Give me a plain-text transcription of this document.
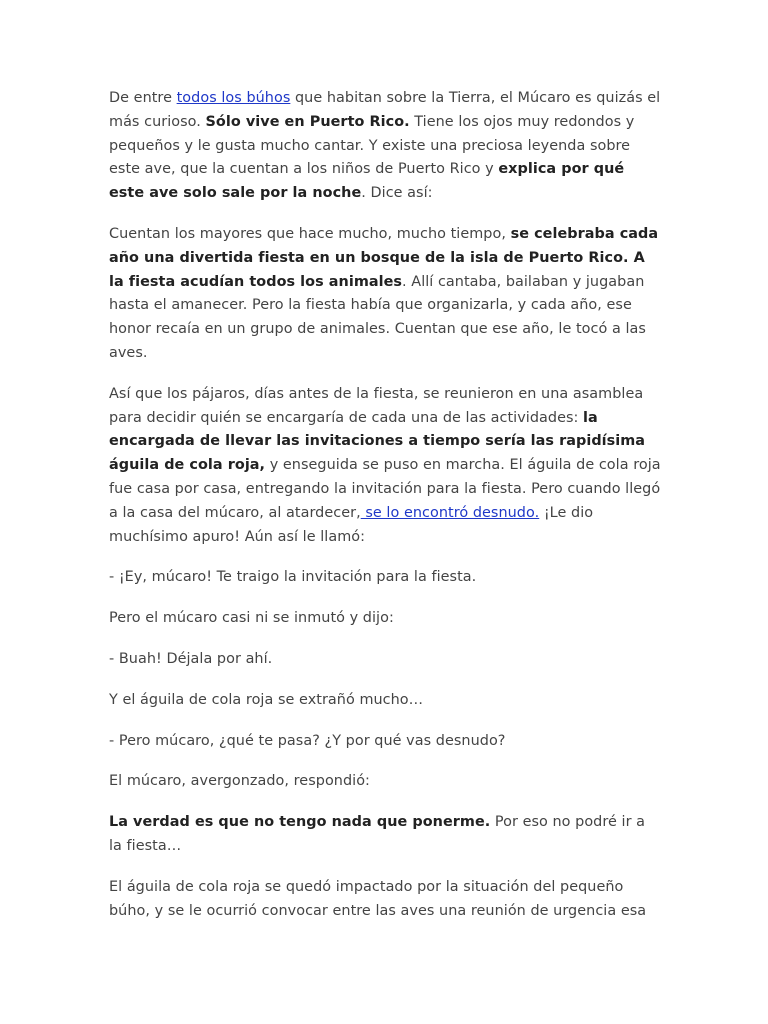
De entre todos los búhos que habitan sobre la Tierra, el Múcaro es quizás el más curioso. Sólo vive en Puerto Rico. Tiene los ojos muy redondos y pequeños y le gusta mucho cantar. Y existe una preciosa leyenda sobre este ave, que la cuentan a los niños de Puerto Rico y explica por qué este ave solo sale por la noche. Dice así:

Cuentan los mayores que hace mucho, mucho tiempo, se celebraba cada año una divertida fiesta en un bosque de la isla de Puerto Rico. A la fiesta acudían todos los animales. Allí cantaba, bailaban y jugaban hasta el amanecer. Pero la fiesta había que organizarla, y cada año, ese honor recaía en un grupo de animales. Cuentan que ese año, le tocó a las aves.

Así que los pájaros, días antes de la fiesta, se reunieron en una asamblea para decidir quién se encargaría de cada una de las actividades: la encargada de llevar las invitaciones a tiempo sería las rapidísima águila de cola roja, y enseguida se puso en marcha. El águila de cola roja fue casa por casa, entregando la invitación para la fiesta. Pero cuando llegó a la casa del múcaro, al atardecer, se lo encontró desnudo. ¡Le dio muchísimo apuro! Aún así le llamó:

- ¡Ey, múcaro! Te traigo la invitación para la fiesta.

Pero el múcaro casi ni se inmutó y dijo:

- Buah! Déjala por ahí.

Y el águila de cola roja se extrañó mucho…

- Pero múcaro, ¿qué te pasa? ¿Y por qué vas desnudo?

El múcaro, avergonzado, respondió:

La verdad es que no tengo nada que ponerme. Por eso no podré ir a la fiesta…

El águila de cola roja se quedó impactado por la situación del pequeño búho, y se le ocurrió convocar entre las aves una reunión de urgencia esa
